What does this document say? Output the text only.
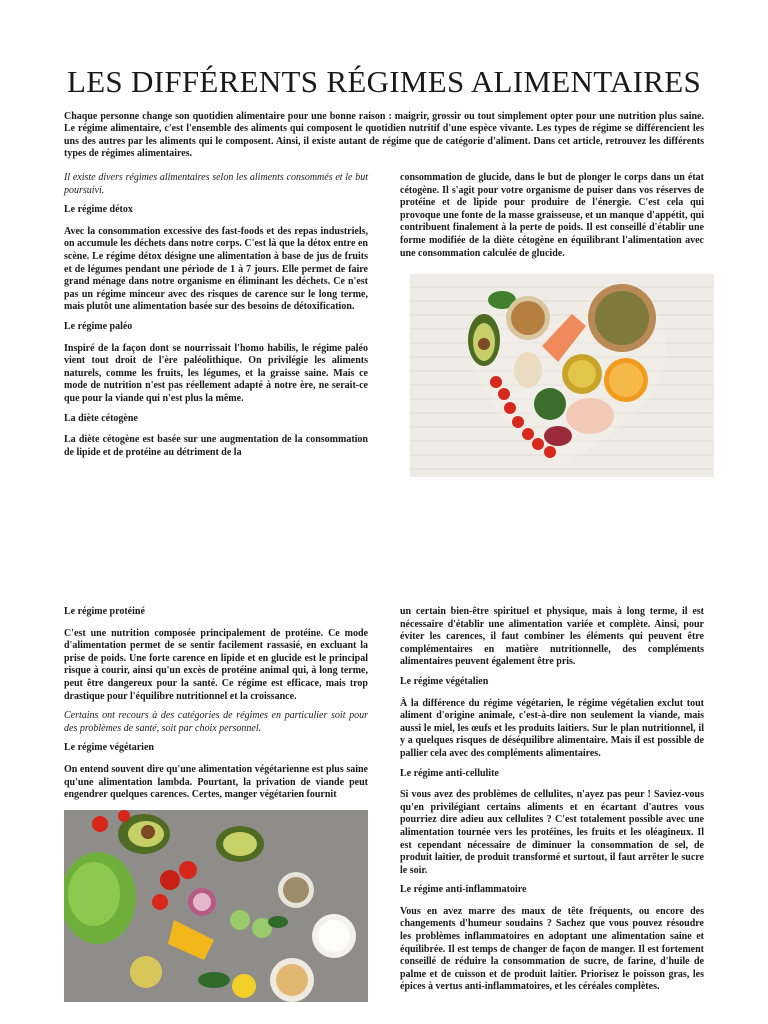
LES DIFFÉRENTS RÉGIMES ALIMENTAIRES

Chaque personne change son quotidien alimentaire pour une bonne raison : maigrir, grossir ou tout simplement opter pour une nutrition plus saine. Le régime alimentaire, c'est l'ensemble des aliments qui composent le quotidien nutritif d'une espèce vivante. Les types de régime se différencient les uns des autres par les aliments qui le composent. Ainsi, il existe autant de régime que de catégorie d'aliment. Dans cet article, retrouvez les différents types de régimes alimentaires.

Il existe divers régimes alimentaires selon les aliments consommés et le but poursuivi.

Le régime détox

Avec la consommation excessive des fast-foods et des repas industriels, on accumule les déchets dans notre corps. C'est là que la détox entre en scène. Le régime détox désigne une alimentation à base de jus de fruits et de légumes pendant une période de 1 à 7 jours. Elle permet de faire grand ménage dans notre organisme en éliminant les déchets. Ce n'est pas un régime minceur avec des risques de carence sur le long terme, mais plutôt une alimentation basée sur des besoins de détoxification.

Le régime paléo

Inspiré de la façon dont se nourrissait l'homo habilis, le régime paléo vient tout droit de l'ère paléolithique. On privilégie les aliments naturels, comme les fruits, les légumes, et la graisse saine. Mais ce mode de nutrition n'est pas réellement adapté à notre ère, ne serait-ce que pour la viande qui n'est plus la même.

La diète cétogène

La diète cétogène est basée sur une augmentation de la consommation de lipide et de protéine au détriment de la

consommation de glucide, dans le but de plonger le corps dans un état cétogène. Il s'agit pour votre organisme de puiser dans vos réserves de protéine et de lipide pour produire de l'énergie. C'est cela qui provoque une fonte de la masse graisseuse, et un manque d'appétit, qui contribuent finalement à la perte de poids. Il est conseillé d'établir une forme modifiée de la diète cétogène en équilibrant l'alimentation avec une consommation calculée de glucide.

Le régime protéiné

C'est une nutrition composée principalement de protéine. Ce mode d'alimentation permet de se sentir facilement rassasié, en excluant la prise de poids. Une forte carence en lipide et en glucide est le principal risque à courir, ainsi qu'un excès de protéine animal qui, à long terme, peut être dangereux pour la santé. Ce régime est efficace, mais trop drastique pour l'équilibre nutritionnel et la croissance.

Certains ont recours à des catégories de régimes en particulier soit pour des problèmes de santé, soit par choix personnel.

Le régime végétarien

On entend souvent dire qu'une alimentation végétarienne est plus saine qu'une alimentation lambda. Pourtant, la privation de viande peut engendrer quelques carences. Certes, manger végétarien fournit

un certain bien-être spirituel et physique, mais à long terme, il est nécessaire d'établir une alimentation variée et complète. Ainsi, pour éviter les carences, il faut combiner les éléments qui peuvent être complémentaires en matière nutritionnelle, des compléments alimentaires peuvent également être pris.

Le régime végétalien

À la différence du régime végétarien, le régime végétalien exclut tout aliment d'origine animale, c'est-à-dire non seulement la viande, mais aussi le miel, les œufs et les produits laitiers. Sur le plan nutritionnel, il y a quelques risques de déséquilibre alimentaire. Mais il est possible de pallier cela avec des compléments alimentaires.

Le régime anti-cellulite

Si vous avez des problèmes de cellulites, n'ayez pas peur ! Saviez-vous qu'en privilégiant certains aliments et en écartant d'autres vous pourriez dire adieu aux cellulites ? C'est totalement possible avec une alimentation tournée vers les protéines, les fruits et les oléagineux. Il est cependant nécessaire de diminuer la consommation de sel, de produit laitier, de produit transformé et surtout, il faut arrêter le sucre le soir.

Le régime anti-inflammatoire

Vous en avez marre des maux de tête fréquents, ou encore des changements d'humeur soudains ? Sachez que vous pouvez résoudre les problèmes inflammatoires en adoptant une alimentation saine et équilibrée. Il est temps de changer de façon de manger. Il est fortement conseillé de réduire la consommation de sucre, de farine, d'huile de palme et de cuisson et de produit laitier. Priorisez le poisson gras, les épices à vertus anti-inflammatoires, et les céréales complètes.
